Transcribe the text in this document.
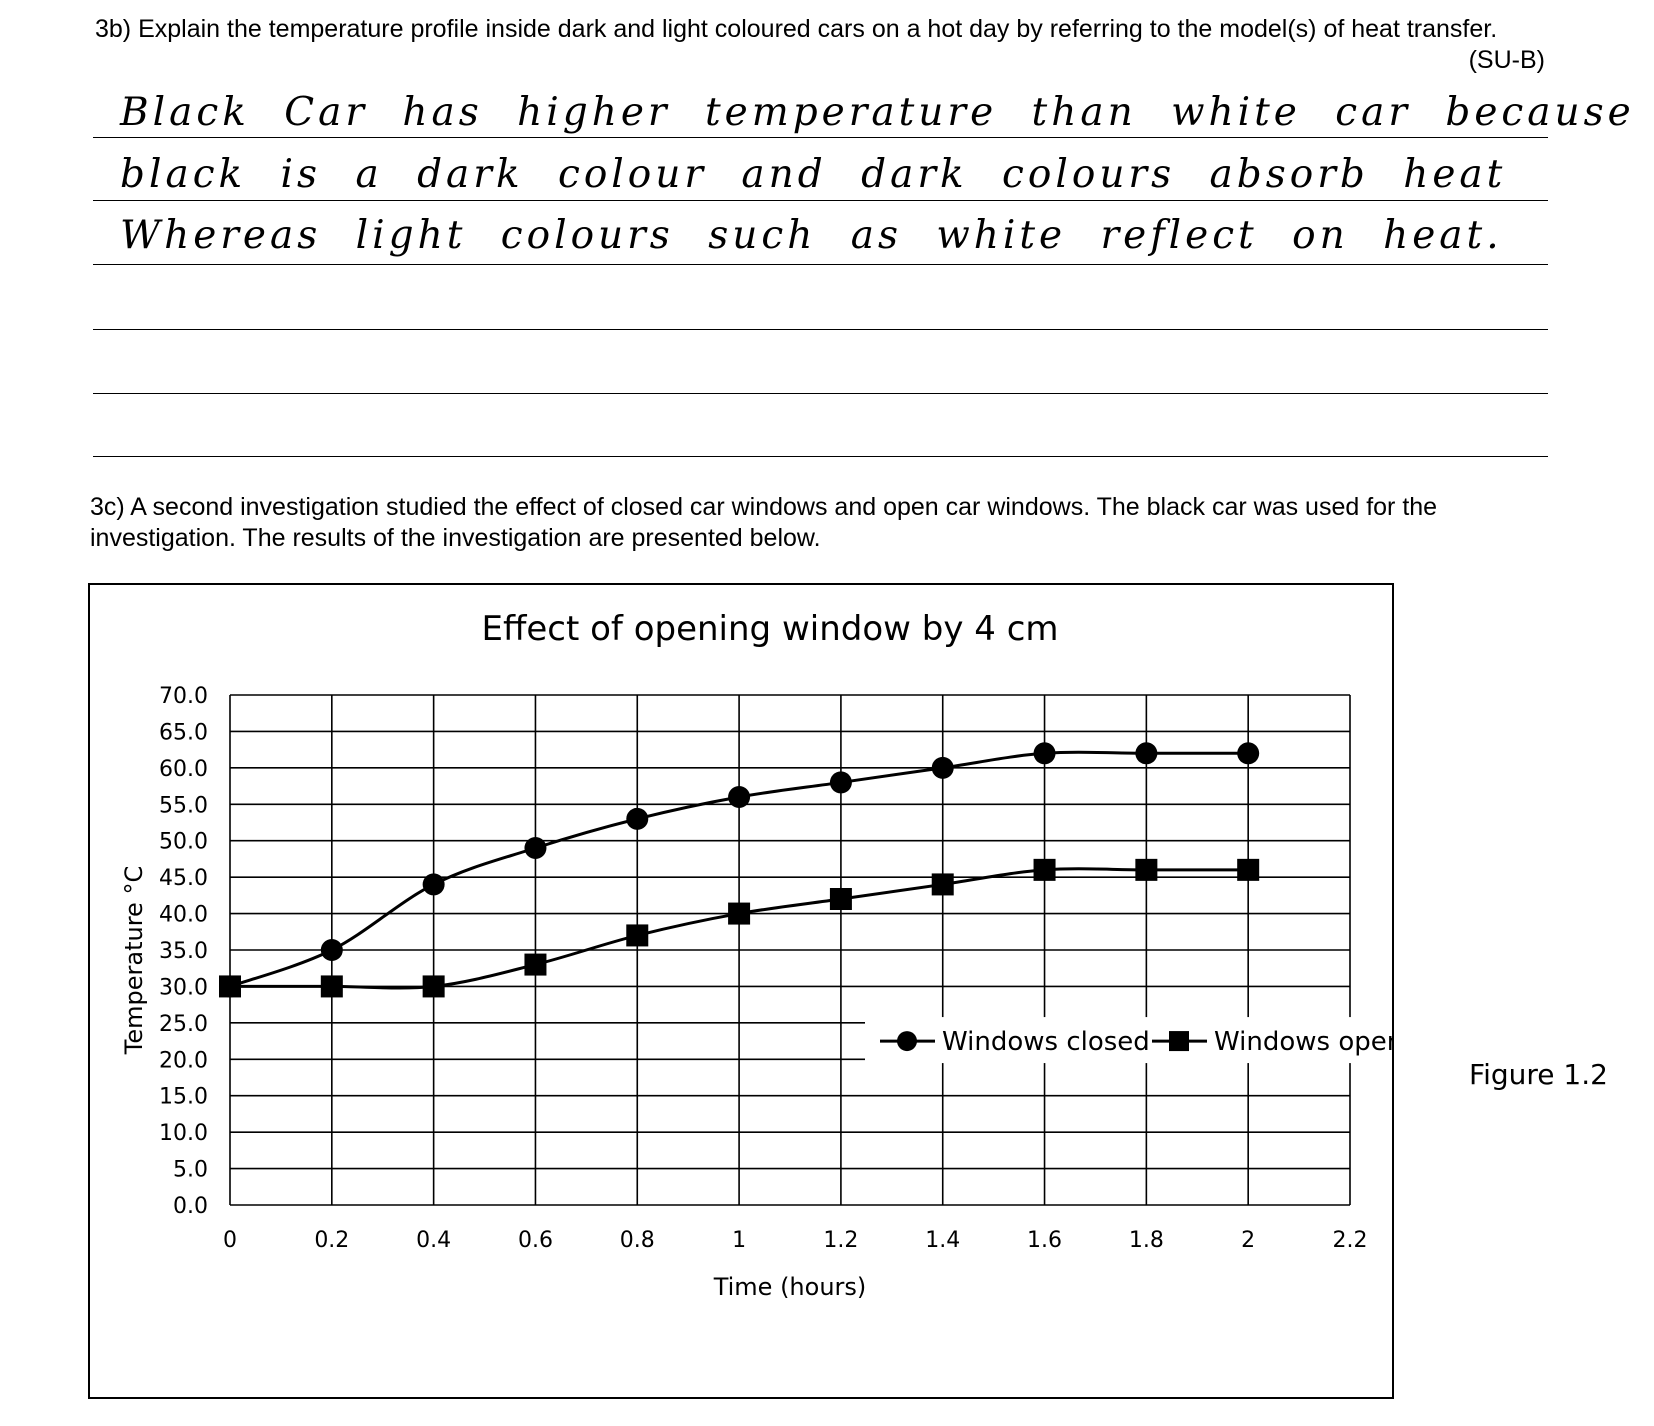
3b) Explain the temperature profile inside dark and light coloured cars on a hot day by referring to the model(s) of heat transfer.
(SU-B)
Black Car has higher temperature than white car because
black is a dark colour and dark colours absorb heat
Whereas light colours such as white reflect on heat.
3c) A second investigation studied the effect of closed car windows and open car windows. The black car was used for the investigation. The results of the investigation are presented below.
Effect of opening window by 4 cm
0.0
5.0
10.0
15.0
20.0
25.0
30.0
35.0
40.0
45.0
50.0
55.0
60.0
65.0
70.0
0	0.2	0.4	0.6	0.8	1	1.2	1.4	1.6	1.8	2	2.2
Time (hours)
Temperature °C	Windows closed Windows open
Figure 1.2
